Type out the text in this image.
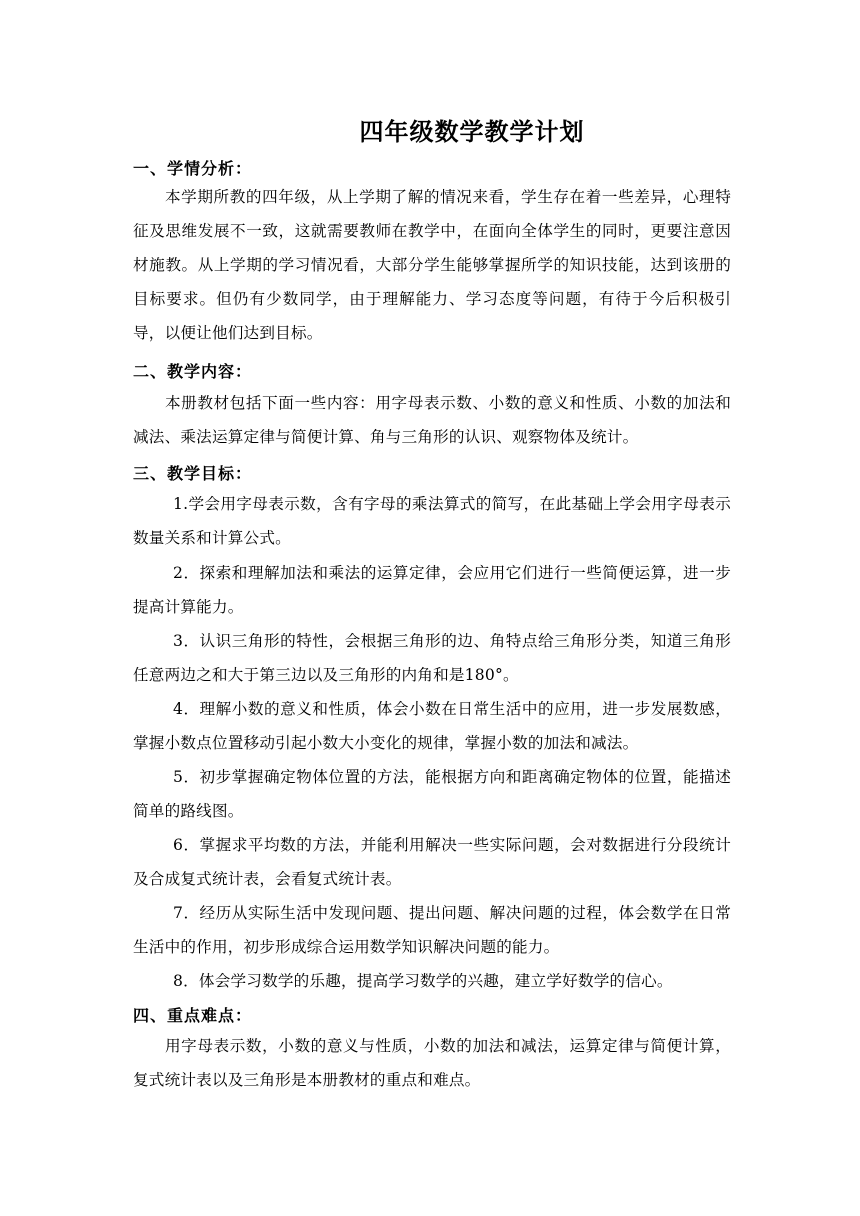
四年级数学教学计划
一、学情分析：
本学期所教的四年级，从上学期了解的情况来看，学生存在着一些差异，心理特征及思维发展不一致，这就需要教师在教学中，在面向全体学生的同时，更要注意因材施教。从上学期的学习情况看，大部分学生能够掌握所学的知识技能，达到该册的目标要求。但仍有少数同学，由于理解能力、学习态度等问题，有待于今后积极引导，以便让他们达到目标。
二、教学内容：
本册教材包括下面一些内容：用字母表示数、小数的意义和性质、小数的加法和减法、乘法运算定律与简便计算、角与三角形的认识、观察物体及统计。
三、教学目标：
1.学会用字母表示数，含有字母的乘法算式的简写，在此基础上学会用字母表示数量关系和计算公式。
2．探索和理解加法和乘法的运算定律，会应用它们进行一些简便运算，进一步提高计算能力。
3．认识三角形的特性，会根据三角形的边、角特点给三角形分类，知道三角形任意两边之和大于第三边以及三角形的内角和是180°。
4．理解小数的意义和性质，体会小数在日常生活中的应用，进一步发展数感，掌握小数点位置移动引起小数大小变化的规律，掌握小数的加法和减法。
5．初步掌握确定物体位置的方法，能根据方向和距离确定物体的位置，能描述简单的路线图。
6．掌握求平均数的方法，并能利用解决一些实际问题，会对数据进行分段统计及合成复式统计表，会看复式统计表。
7．经历从实际生活中发现问题、提出问题、解决问题的过程，体会数学在日常生活中的作用，初步形成综合运用数学知识解决问题的能力。
8．体会学习数学的乐趣，提高学习数学的兴趣，建立学好数学的信心。
四、重点难点：
用字母表示数，小数的意义与性质，小数的加法和减法，运算定律与简便计算，复式统计表以及三角形是本册教材的重点和难点。
